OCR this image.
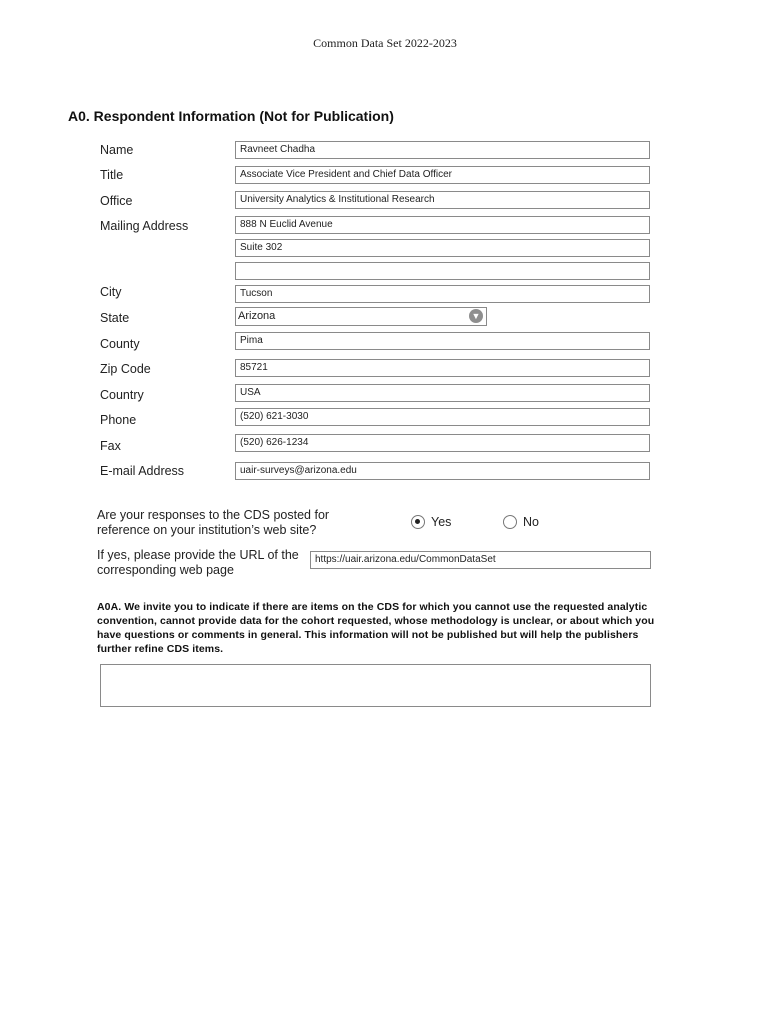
Common Data Set 2022-2023
A0. Respondent Information (Not for Publication)
Name	Ravneet Chadha
Title	Associate Vice President and Chief Data Officer
Office	University Analytics & Institutional Research
Mailing Address	888 N Euclid Avenue
Suite 302
City	Tucson
State	Arizona	▼
County	Pima
Zip Code	85721
Country	USA
Phone	(520) 621-3030
Fax	(520) 626-1234
E-mail Address	uair-surveys@arizona.edu
Are your responses to the CDS posted for
reference on your institution’s web site?
Yes	No
If yes, please provide the URL of the
corresponding web page
https://uair.arizona.edu/CommonDataSet
A0A. We invite you to indicate if there are items on the CDS for which you cannot use the requested analytic convention, cannot provide data for the cohort requested, whose methodology is unclear, or about which you have questions or comments in general. This information will not be published but will help the publishers further refine CDS items.
